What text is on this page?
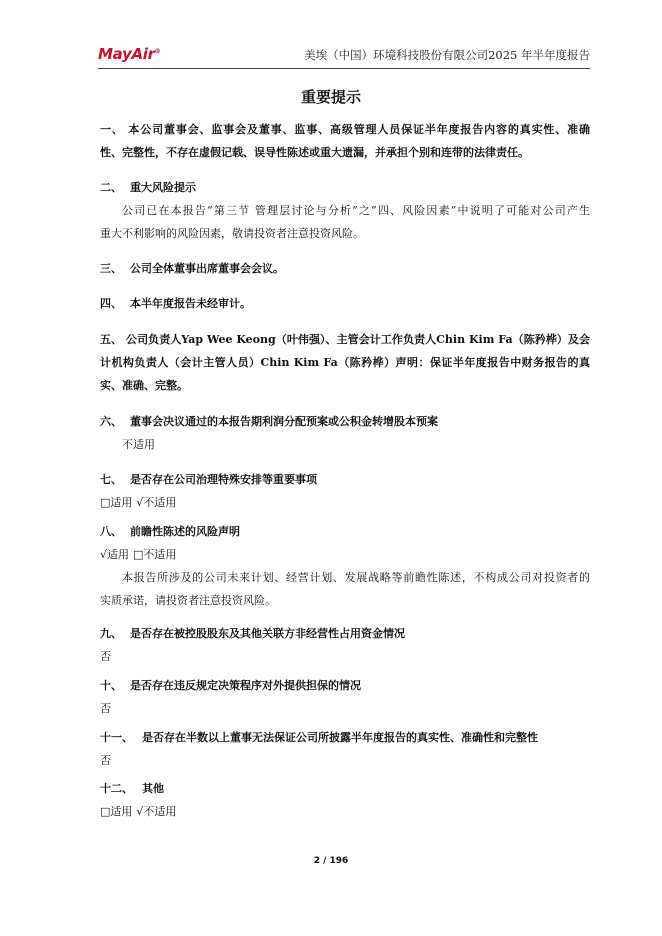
MayAir®	美埃（中国）环境科技股份有限公司2025 年半年度报告
重要提示
一、 本公司董事会、监事会及董事、监事、高级管理人员保证半年度报告内容的真实性、准确
性、完整性，不存在虚假记载、误导性陈述或重大遗漏，并承担个别和连带的法律责任。
二、 重大风险提示
公司已在本报告“第三节 管理层讨论与分析”之“四、风险因素”中说明了可能对公司产生
重大不利影响的风险因素，敬请投资者注意投资风险。
三、 公司全体董事出席董事会会议。
四、 本半年度报告未经审计。
五、 公司负责人Yap Wee Keong（叶伟强）、主管会计工作负责人Chin Kim Fa（陈矜桦）及会
计机构负责人（会计主管人员）Chin Kim Fa（陈矜桦）声明：保证半年度报告中财务报告的真
实、准确、完整。
六、 董事会决议通过的本报告期利润分配预案或公积金转增股本预案
不适用
七、 是否存在公司治理特殊安排等重要事项
□适用 √不适用
八、 前瞻性陈述的风险声明
√适用 □不适用
本报告所涉及的公司未来计划、经营计划、发展战略等前瞻性陈述，不构成公司对投资者的
实质承诺，请投资者注意投资风险。
九、 是否存在被控股股东及其他关联方非经营性占用资金情况
否
十、 是否存在违反规定决策程序对外提供担保的情况
否
十一、 是否存在半数以上董事无法保证公司所披露半年度报告的真实性、准确性和完整性
否
十二、 其他
□适用 √不适用
2 / 196
